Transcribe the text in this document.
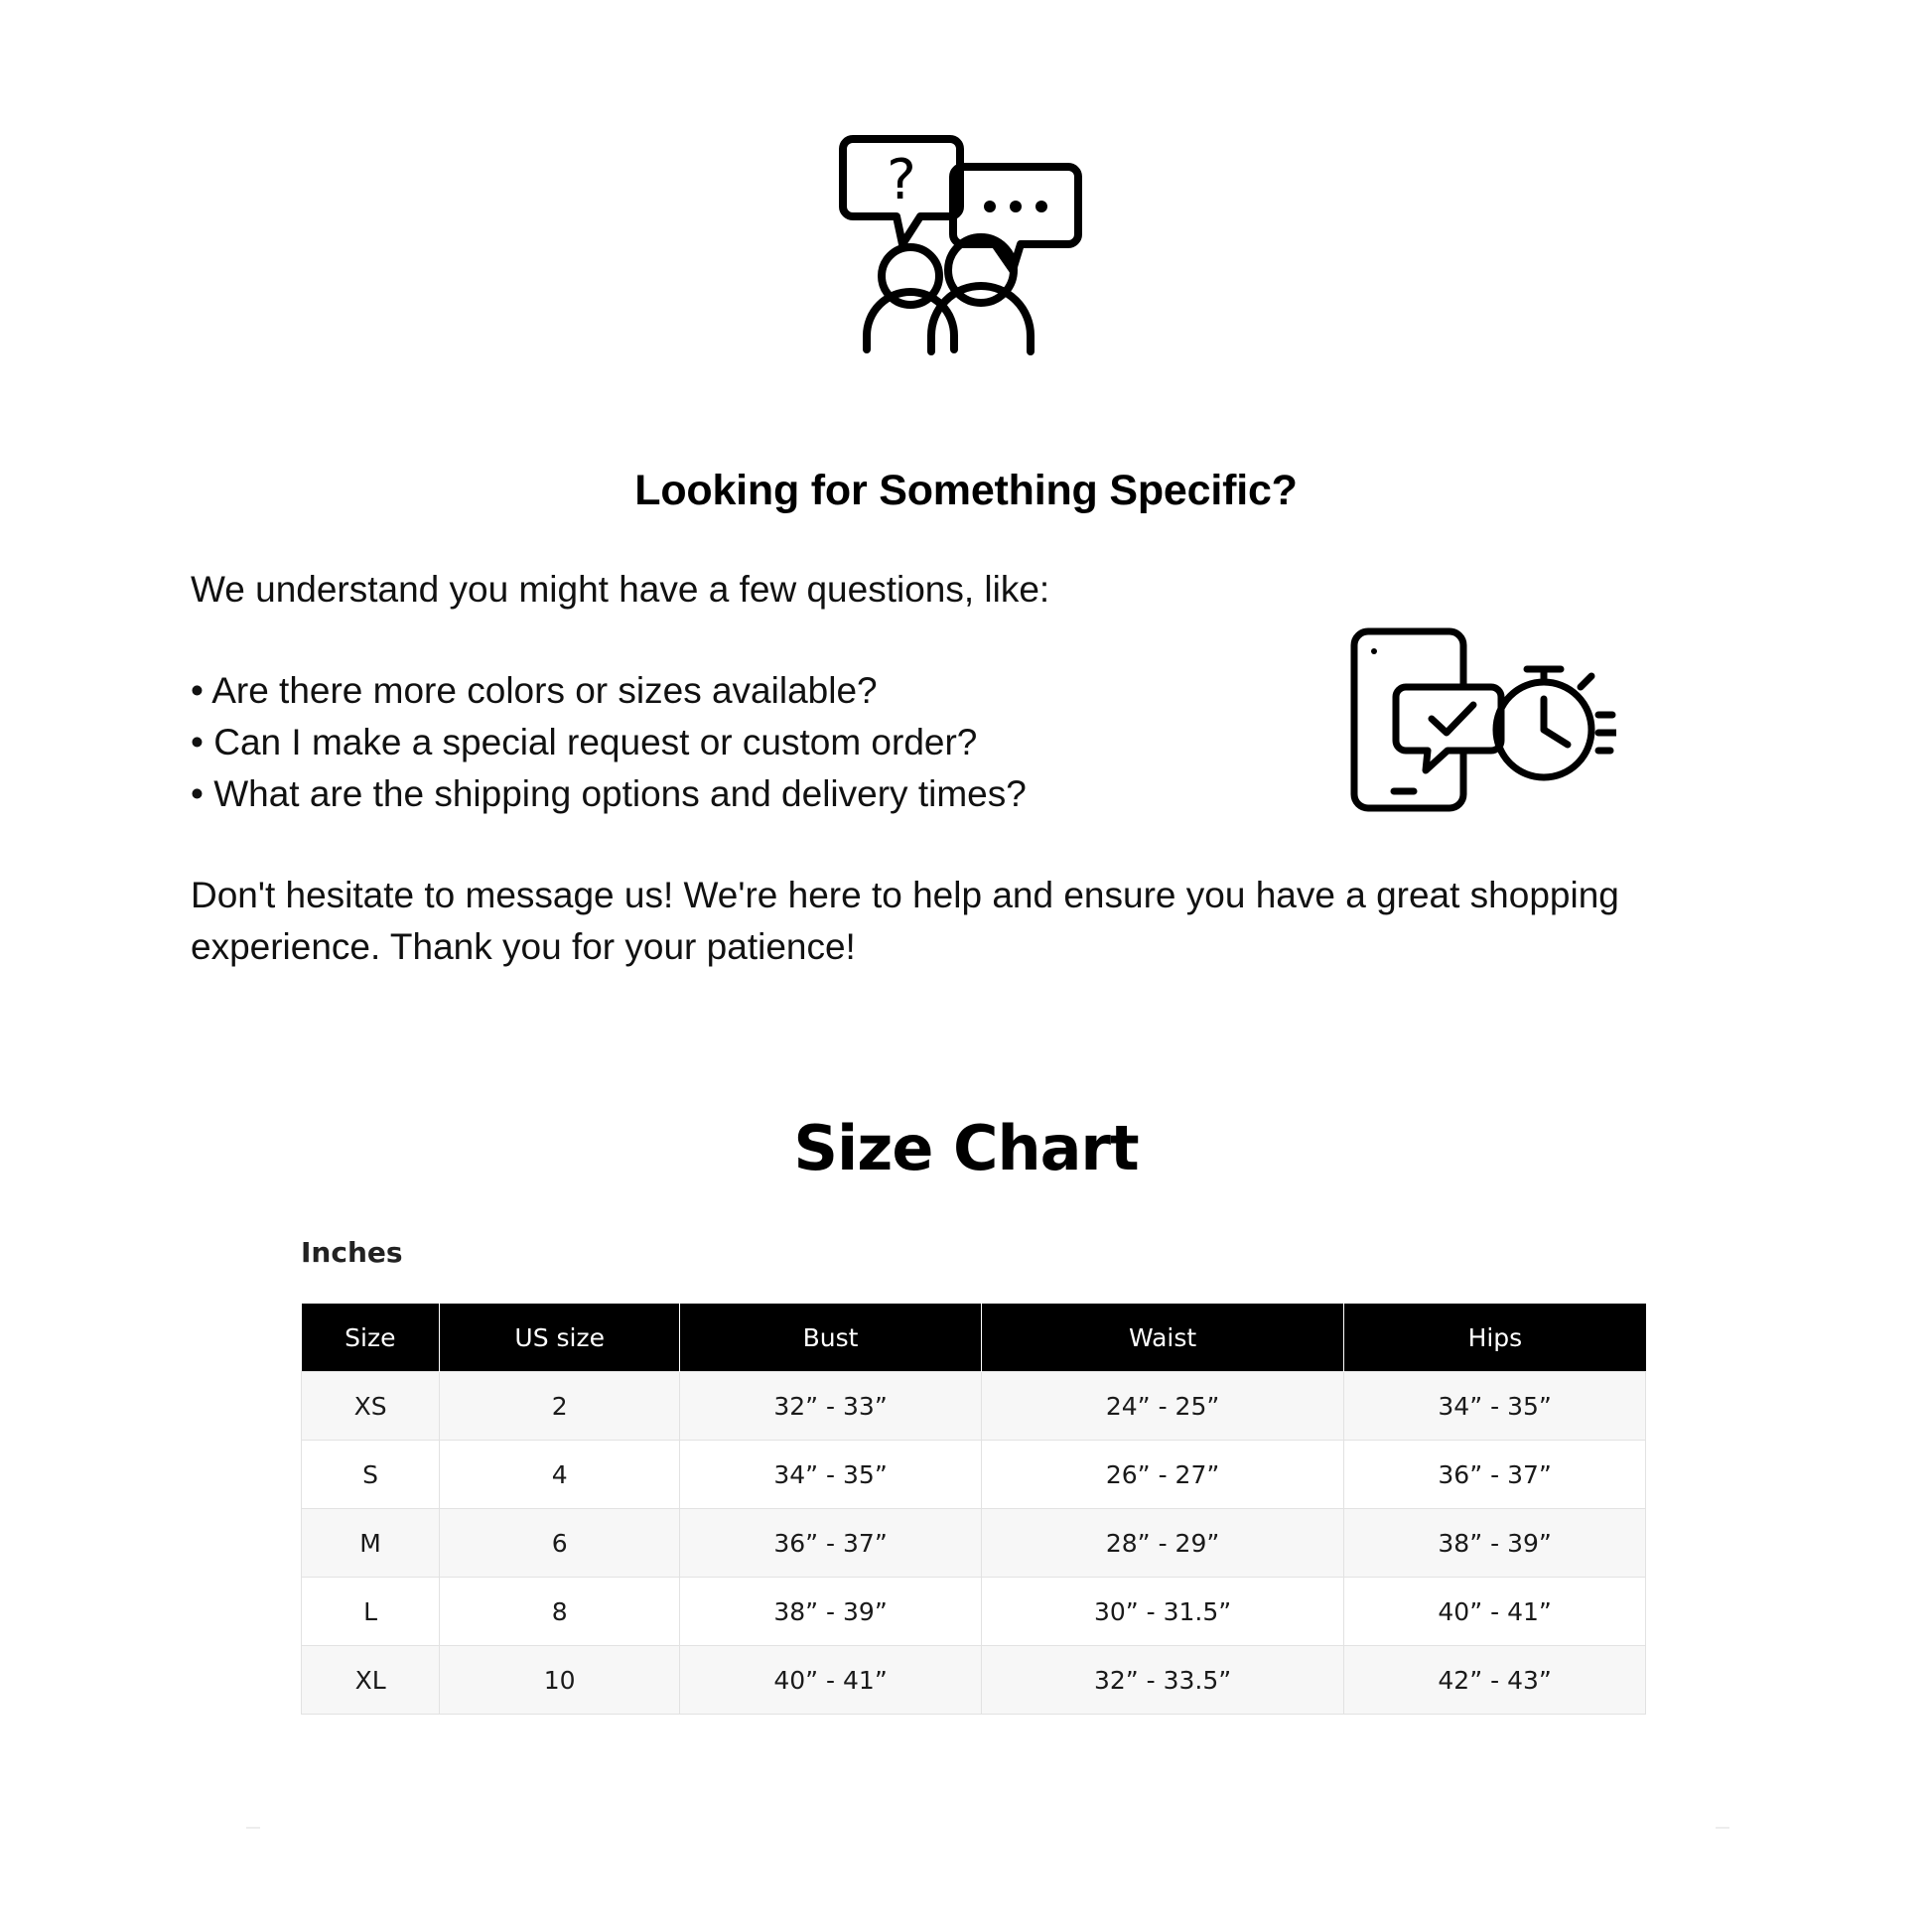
?
Looking for Something Specific?

We understand you might have a few questions, like:

• Are there more colors or sizes available?

• Can I make a special request or custom order?

• What are the shipping options and delivery times?

Don't hesitate to message us! We're here to help and ensure you have a great shopping experience. Thank you for your patience!

Size Chart
Inches
Size	US size	Bust	Waist	Hips
XS	2	32” - 33”	24” - 25”	34” - 35”
S	4	34” - 35”	26” - 27”	36” - 37”
M	6	36” - 37”	28” - 29”	38” - 39”
L	8	38” - 39”	30” - 31.5”	40” - 41”
XL	10	40” - 41”	32” - 33.5”	42” - 43”
